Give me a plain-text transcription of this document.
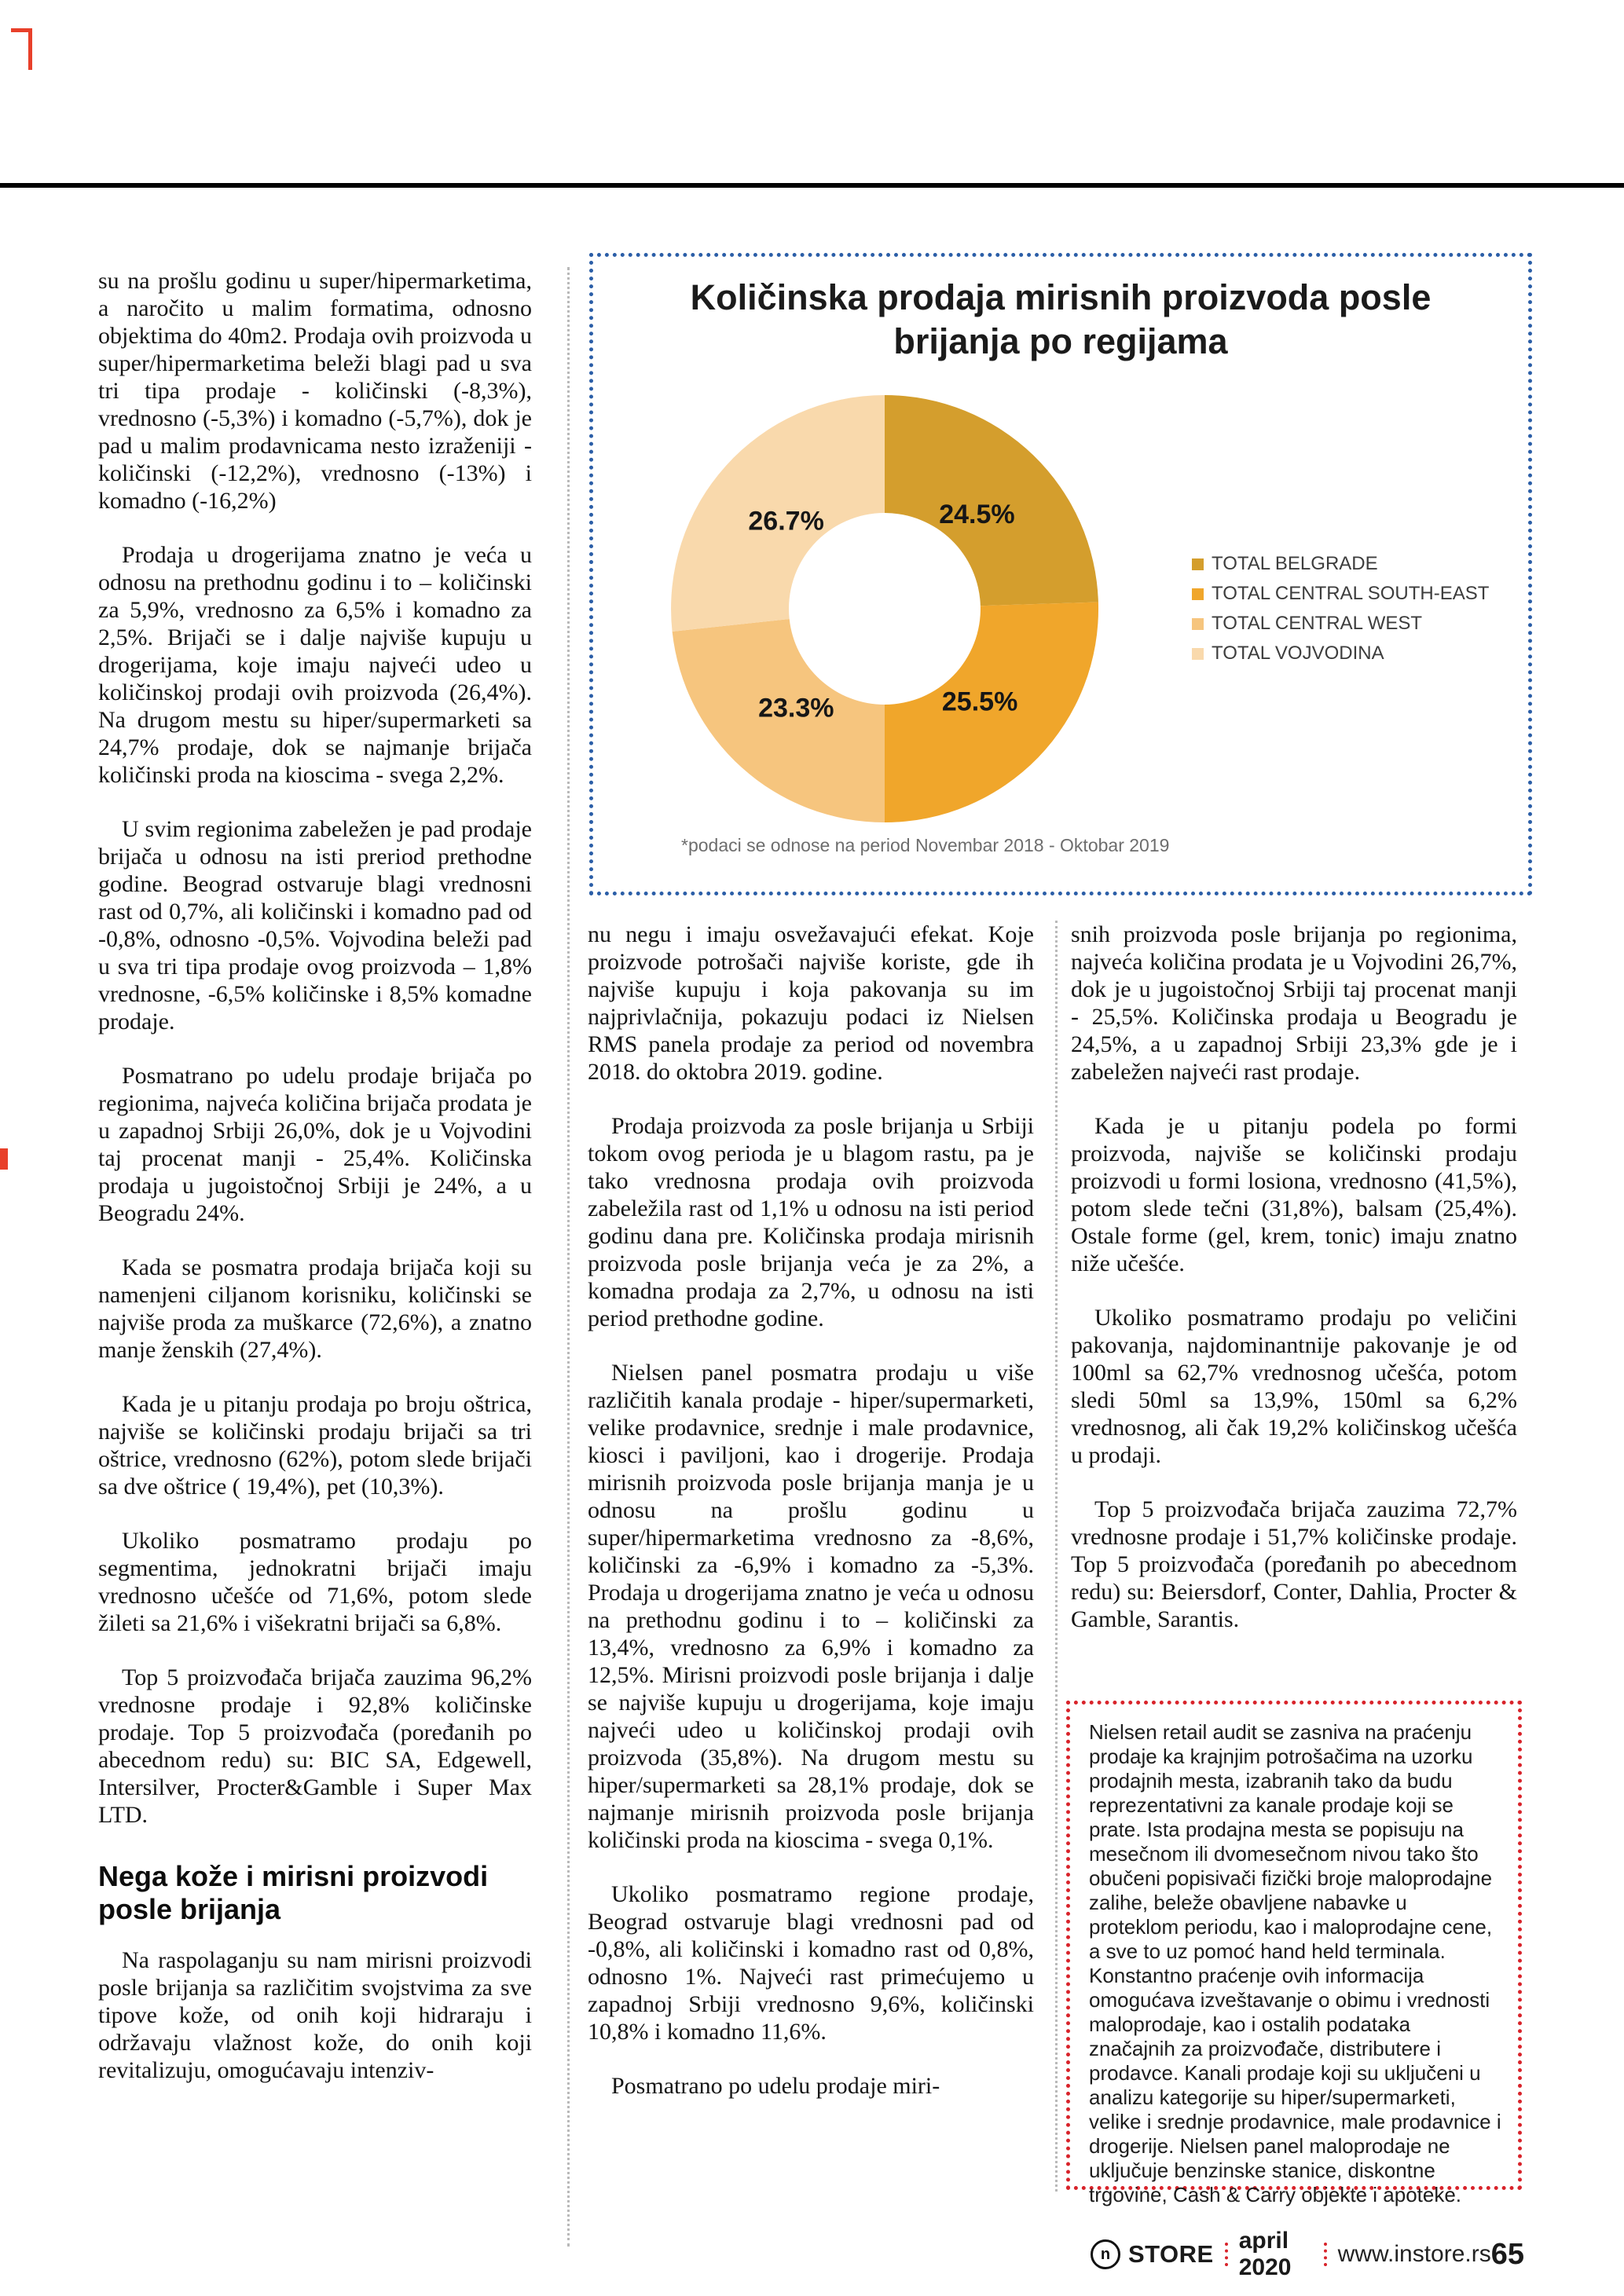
24.5%
25.5%
23.3%
26.7%
Količinska prodaja mirisnih proizvoda posle brijanja po regijama
TOTAL BELGRADE
TOTAL CENTRAL SOUTH-EAST
TOTAL CENTRAL WEST
TOTAL VOJVODINA
*podaci se odnose na period Novembar 2018 - Oktobar 2019

su na prošlu godinu u super/hipermarketima, a naročito u malim formatima, odnosno objektima do 40m2. Prodaja ovih proizvoda u super/hipermarketima beleži blagi pad u sva tri tipa prodaje - količinski (-8,3%), vrednosno (-5,3%) i komadno (-5,7%), dok je pad u malim prodavnicama nesto izraženiji - količinski (-12,2%), vrednosno (-13%) i komadno (-16,2%)

Prodaja u drogerijama znatno je veća u odnosu na prethodnu godinu i to – količinski za 5,9%, vrednosno za 6,5% i komadno za 2,5%. Brijači se i dalje najviše kupuju u drogerijama, koje imaju najveći udeo u količinskoj prodaji ovih proizvoda (26,4%). Na drugom mestu su hiper/supermarketi sa 24,7% prodaje, dok se najmanje brijača količinski proda na kioscima - svega 2,2%.

U svim regionima zabeležen je pad prodaje brijača u odnosu na isti preriod prethodne godine. Beograd ostvaruje blagi vrednosni rast od 0,7%, ali količinski i komadno pad od -0,8%, odnosno -0,5%. Vojvodina beleži pad u sva tri tipa prodaje ovog proizvoda – 1,8% vrednosne, -6,5% količinske i 8,5% komadne prodaje.

Posmatrano po udelu prodaje brijača po regionima, najveća količina brijača prodata je u zapadnoj Srbiji 26,0%, dok je u Vojvodini taj procenat manji - 25,4%. Količinska prodaja u jugoistočnoj Srbiji je 24%, a u Beogradu 24%.

Kada se posmatra prodaja brijača koji su namenjeni ciljanom korisniku, količinski se najviše proda za muškarce (72,6%), a znatno manje ženskih (27,4%).

Kada je u pitanju prodaja po broju oštrica, najviše se količinski prodaju brijači sa tri oštrice, vrednosno (62%), potom slede brijači sa dve oštrice ( 19,4%), pet (10,3%).

Ukoliko posmatramo prodaju po segmentima, jednokratni brijači imaju vrednosno učešće od 71,6%, potom slede žileti sa 21,6% i višekratni brijači sa 6,8%.

Top 5 proizvođača brijača zauzima 96,2% vrednosne prodaje i 92,8% količinske prodaje. Top 5 proizvođača (poređanih po abecednom redu) su: BIC SA, Edgewell, Intersilver, Procter&Gamble i Super Max LTD.

Nega kože i mirisni proizvodi posle brijanja

Na raspolaganju su nam mirisni proizvodi posle brijanja sa različitim svojstvima za sve tipove kože, od onih koji hidraraju i održavaju vlažnost kože, do onih koji revitalizuju, omogućavaju intenziv-

nu negu i imaju osvežavajući efekat. Koje proizvode potrošači najviše koriste, gde ih najviše kupuju i koja pakovanja su im najprivlačnija, pokazuju podaci iz Nielsen RMS panela prodaje za period od novembra 2018. do oktobra 2019. godine.

Prodaja proizvoda za posle brijanja u Srbiji tokom ovog perioda je u blagom rastu, pa je tako vrednosna prodaja ovih proizvoda zabeležila rast od 1,1% u odnosu na isti period godinu dana pre. Količinska prodaja mirisnih proizvoda posle brijanja veća je za 2%, a komadna prodaja za 2,7%, u odnosu na isti period prethodne godine.

Nielsen panel posmatra prodaju u više različitih kanala prodaje - hiper/supermarketi, velike prodavnice, srednje i male prodavnice, kiosci i paviljoni, kao i drogerije. Prodaja mirisnih proizvoda posle brijanja manja je u odnosu na prošlu godinu u super/hipermarketima vrednosno za -8,6%, količinski za -6,9% i komadno za -5,3%. Prodaja u drogerijama znatno je veća u odnosu na prethodnu godinu i to – količinski za 13,4%, vrednosno za 6,9% i komadno za 12,5%. Mirisni proizvodi posle brijanja i dalje se najviše kupuju u drogerijama, koje imaju najveći udeo u količinskoj prodaji ovih proizvoda (35,8%). Na drugom mestu su hiper/supermarketi sa 28,1% prodaje, dok se najmanje mirisnih proizvoda posle brijanja količinski proda na kioscima - svega 0,1%.

Ukoliko posmatramo regione prodaje, Beograd ostvaruje blagi vrednosni pad od -0,8%, ali količinski i komadno rast od 0,8%, odnosno 1%. Najveći rast primećujemo u zapadnoj Srbiji vrednosno 9,6%, količinski 10,8% i komadno 11,6%.

Posmatrano po udelu prodaje miri-

snih proizvoda posle brijanja po regionima, najveća količina prodata je u Vojvodini 26,7%, dok je u jugoistočnoj Srbiji taj procenat manji - 25,5%. Količinska prodaja u Beogradu je 24,5%, a u zapadnoj Srbiji 23,3% gde je i zabeležen najveći rast prodaje.

Kada je u pitanju podela po formi proizvoda, najviše se količinski prodaju proizvodi u formi losiona, vrednosno (41,5%), potom slede tečni (31,8%), balsam (25,4%). Ostale forme (gel, krem, tonic) imaju znatno niže učešće.

Ukoliko posmatramo prodaju po veličini pakovanja, najdominantnije pakovanje je od 100ml sa 62,7% vrednosnog učešća, potom sledi 50ml sa 13,9%, 150ml sa 6,2% vrednosnog, ali čak 19,2% količinskog učešća u prodaji.

Top 5 proizvođača brijača zauzima 72,7% vrednosne prodaje i 51,7% količinske prodaje. Top 5 proizvođača (poređanih po abecednom redu) su: Beiersdorf, Conter, Dahlia, Procter & Gamble, Sarantis.

Nielsen retail audit se zasniva na praćenju prodaje ka krajnjim potrošačima na uzorku prodajnih mesta, izabranih tako da budu reprezentativni za kanale prodaje koji se prate. Ista prodajna mesta se popisuju na mesečnom ili dvomesečnom nivou tako što obučeni popisivači fizički broje maloprodajne zalihe, beleže obavljene nabavke u proteklom periodu, kao i maloprodajne cene, a sve to uz pomoć hand held terminala. Konstantno praćenje ovih informacija omogućava izveštavanje o obimu i vrednosti maloprodaje, kao i ostalih podataka značajnih za proizvođače, distributere i prodavce. Kanali prodaje koji su uključeni u analizu kategorije su hiper/supermarketi, velike i srednje prodavnice, male prodavnice i drogerije. Nielsen panel maloprodaje ne uključuje benzinske stanice, diskontne trgovine, Cash & Carry objekte i apoteke.

n STORE april 2020
www.instore.rs 65
